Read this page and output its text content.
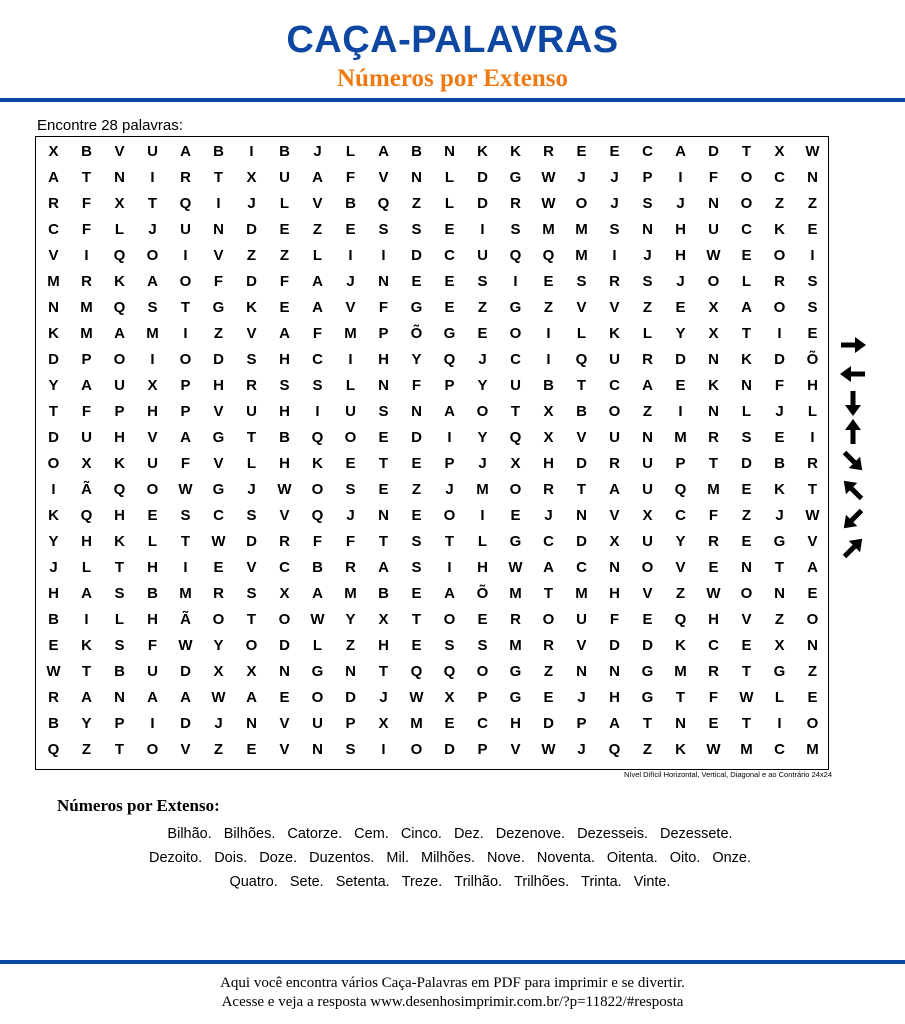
CAÇA-PALAVRAS
Números por Extenso
Encontre 28 palavras:
X	B	V	U	A	B	I	B	J	L	A	B	N	K	K	R	E	E	C	A	D	T	X	W
A	T	N	I	R	T	X	U	A	F	V	N	L	D	G	W	J	J	P	I	F	O	C	N
R	F	X	T	Q	I	J	L	V	B	Q	Z	L	D	R	W	O	J	S	J	N	O	Z	Z
C	F	L	J	U	N	D	E	Z	E	S	S	E	I	S	M	M	S	N	H	U	C	K	E
V	I	Q	O	I	V	Z	Z	L	I	I	D	C	U	Q	Q	M	I	J	H	W	E	O	I
M	R	K	A	O	F	D	F	A	J	N	E	E	S	I	E	S	R	S	J	O	L	R	S
N	M	Q	S	T	G	K	E	A	V	F	G	E	Z	G	Z	V	V	Z	E	X	A	O	S
K	M	A	M	I	Z	V	A	F	M	P	Õ	G	E	O	I	L	K	L	Y	X	T	I	E
D	P	O	I	O	D	S	H	C	I	H	Y	Q	J	C	I	Q	U	R	D	N	K	D	Õ
Y	A	U	X	P	H	R	S	S	L	N	F	P	Y	U	B	T	C	A	E	K	N	F	H
T	F	P	H	P	V	U	H	I	U	S	N	A	O	T	X	B	O	Z	I	N	L	J	L
D	U	H	V	A	G	T	B	Q	O	E	D	I	Y	Q	X	V	U	N	M	R	S	E	I
O	X	K	U	F	V	L	H	K	E	T	E	P	J	X	H	D	R	U	P	T	D	B	R
I	Ã	Q	O	W	G	J	W	O	S	E	Z	J	M	O	R	T	A	U	Q	M	E	K	T
K	Q	H	E	S	C	S	V	Q	J	N	E	O	I	E	J	N	V	X	C	F	Z	J	W
Y	H	K	L	T	W	D	R	F	F	T	S	T	L	G	C	D	X	U	Y	R	E	G	V
J	L	T	H	I	E	V	C	B	R	A	S	I	H	W	A	C	N	O	V	E	N	T	A
H	A	S	B	M	R	S	X	A	M	B	E	A	Õ	M	T	M	H	V	Z	W	O	N	E
B	I	L	H	Ã	O	T	O	W	Y	X	T	O	E	R	O	U	F	E	Q	H	V	Z	O
E	K	S	F	W	Y	O	D	L	Z	H	E	S	S	M	R	V	D	D	K	C	E	X	N
W	T	B	U	D	X	X	N	G	N	T	Q	Q	O	G	Z	N	N	G	M	R	T	G	Z
R	A	N	A	A	W	A	E	O	D	J	W	X	P	G	E	J	H	G	T	F	W	L	E
B	Y	P	I	D	J	N	V	U	P	X	M	E	C	H	D	P	A	T	N	E	T	I	O
Q	Z	T	O	V	Z	E	V	N	S	I	O	D	P	V	W	J	Q	Z	K	W	M	C	M
Nível Difícil Horizontal, Vertical, Diagonal e ao Contrário 24x24
Números por Extenso:
Bilhão. Bilhões. Catorze. Cem. Cinco. Dez. Dezenove. Dezesseis. Dezessete.
Dezoito. Dois. Doze. Duzentos. Mil. Milhões. Nove. Noventa. Oitenta. Oito. Onze.
Quatro. Sete. Setenta. Treze. Trilhão. Trilhões. Trinta. Vinte.
Aqui você encontra vários Caça-Palavras em PDF para imprimir e se divertir.
Acesse e veja a resposta www.desenhosimprimir.com.br/?p=11822/#resposta
